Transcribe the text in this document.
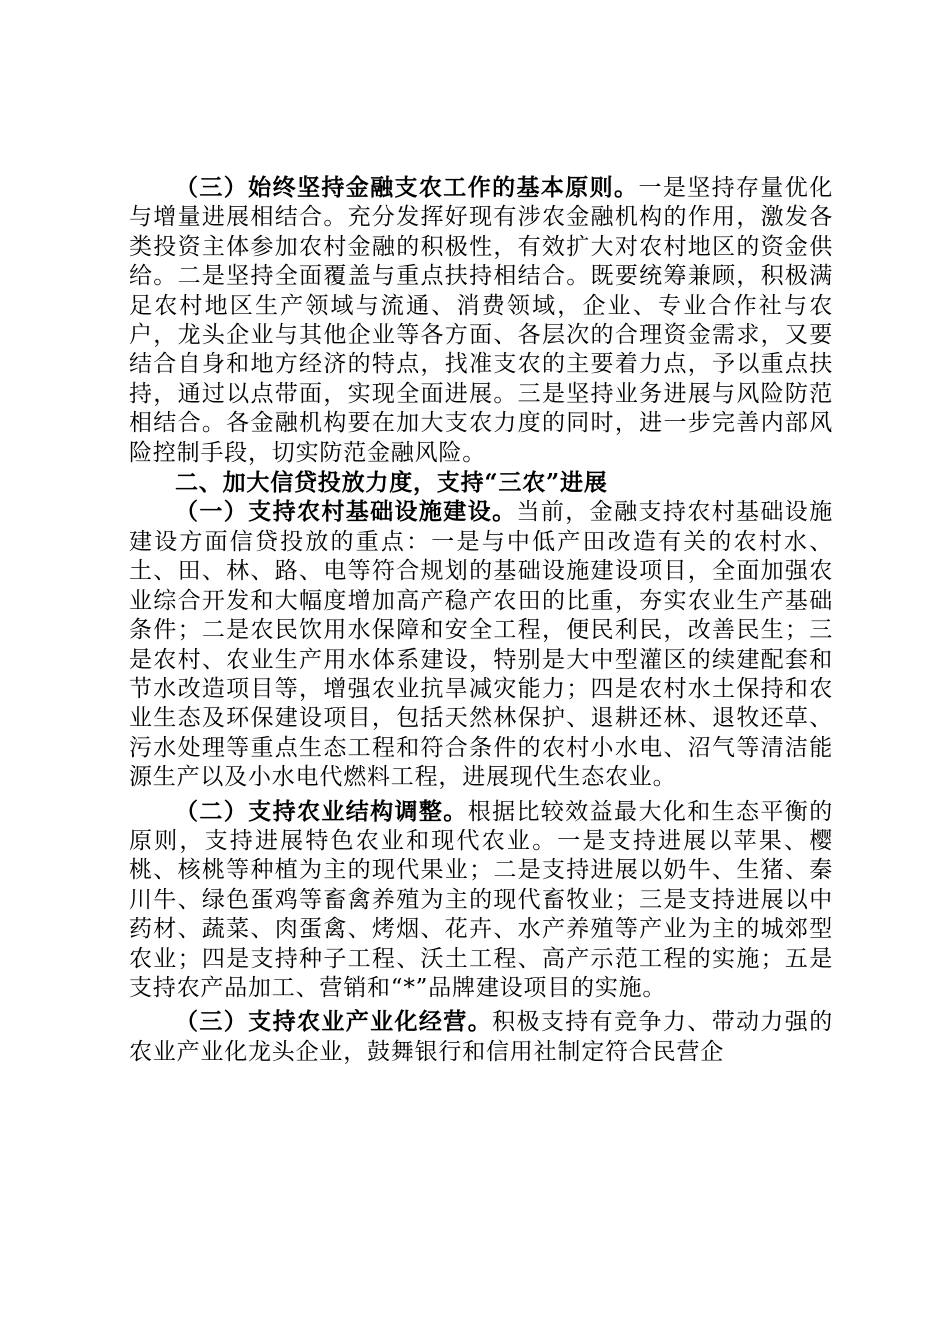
（三）始终坚持金融支农工作的基本原则。一是坚持存量优化与增量进展相结合。充分发挥好现有涉农金融机构的作用，激发各类投资主体参加农村金融的积极性，有效扩大对农村地区的资金供给。二是坚持全面覆盖与重点扶持相结合。既要统筹兼顾，积极满足农村地区生产领域与流通、消费领域，企业、专业合作社与农户，龙头企业与其他企业等各方面、各层次的合理资金需求，又要结合自身和地方经济的特点，找准支农的主要着力点，予以重点扶持，通过以点带面，实现全面进展。三是坚持业务进展与风险防范相结合。各金融机构要在加大支农力度的同时，进一步完善内部风险控制手段，切实防范金融风险。

二、加大信贷投放力度，支持“三农”进展

（一）支持农村基础设施建设。当前，金融支持农村基础设施建设方面信贷投放的重点：一是与中低产田改造有关的农村水、土、田、林、路、电等符合规划的基础设施建设项目，全面加强农业综合开发和大幅度增加高产稳产农田的比重，夯实农业生产基础条件；二是农民饮用水保障和安全工程，便民利民，改善民生；三是农村、农业生产用水体系建设，特别是大中型灌区的续建配套和节水改造项目等，增强农业抗旱减灾能力；四是农村水土保持和农业生态及环保建设项目，包括天然林保护、退耕还林、退牧还草、污水处理等重点生态工程和符合条件的农村小水电、沼气等清洁能源生产以及小水电代燃料工程，进展现代生态农业。

（二）支持农业结构调整。根据比较效益最大化和生态平衡的原则，支持进展特色农业和现代农业。一是支持进展以苹果、樱桃、核桃等种植为主的现代果业；二是支持进展以奶牛、生猪、秦川牛、绿色蛋鸡等畜禽养殖为主的现代畜牧业；三是支持进展以中药材、蔬菜、肉蛋禽、烤烟、花卉、水产养殖等产业为主的城郊型农业；四是支持种子工程、沃土工程、高产示范工程的实施；五是支持农产品加工、营销和“*”品牌建设项目的实施。

（三）支持农业产业化经营。积极支持有竞争力、带动力强的农业产业化龙头企业，鼓舞银行和信用社制定符合民营企
